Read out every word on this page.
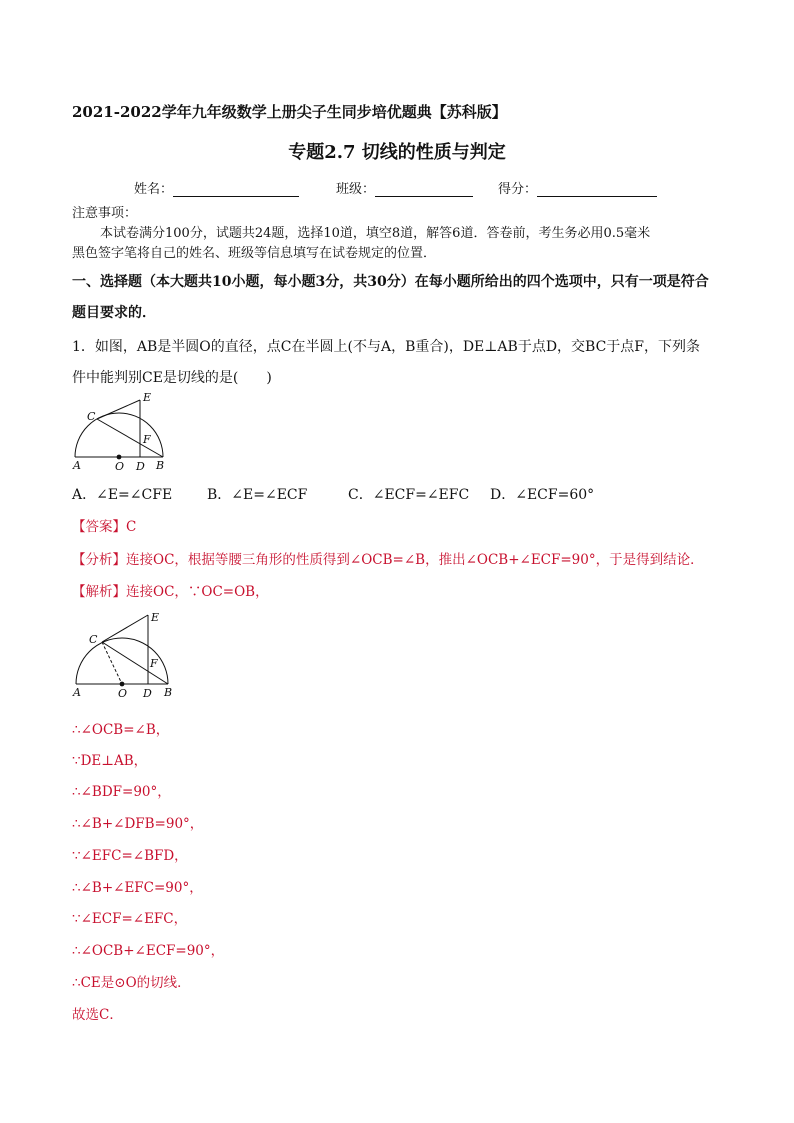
2021-2022学年九年级数学上册尖子生同步培优题典【苏科版】
专题2.7 切线的性质与判定
姓名：	班级：	得分：
注意事项：
本试卷满分100分，试题共24题，选择10道，填空8道，解答6道．答卷前，考生务必用0.5毫米
黑色签字笔将自己的姓名、班级等信息填写在试卷规定的位置．
一、选择题（本大题共10小题，每小题3分，共30分）在每小题所给出的四个选项中，只有一项是符合
题目要求的．
1．如图，AB是半圆O的直径，点C在半圆上(不与A，B重合)，DE⊥AB于点D，交BC于点F，下列条
件中能判别CE是切线的是(　　)
E
C
F
A	O D B
A．∠E=∠CFE B．∠E=∠ECF	C．∠ECF=∠EFC D．∠ECF=60°
【答案】C
【分析】连接OC，根据等腰三角形的性质得到∠OCB=∠B，推出∠OCB+∠ECF=90°，于是得到结论．
【解析】连接OC，∵OC=OB，
E
C
F
A	O D B
∴∠OCB=∠B，
∵DE⊥AB，
∴∠BDF=90°，
∴∠B+∠DFB=90°，
∵∠EFC=∠BFD，
∴∠B+∠EFC=90°，
∵∠ECF=∠EFC，
∴∠OCB+∠ECF=90°，
∴CE是⊙O的切线．
故选C．
